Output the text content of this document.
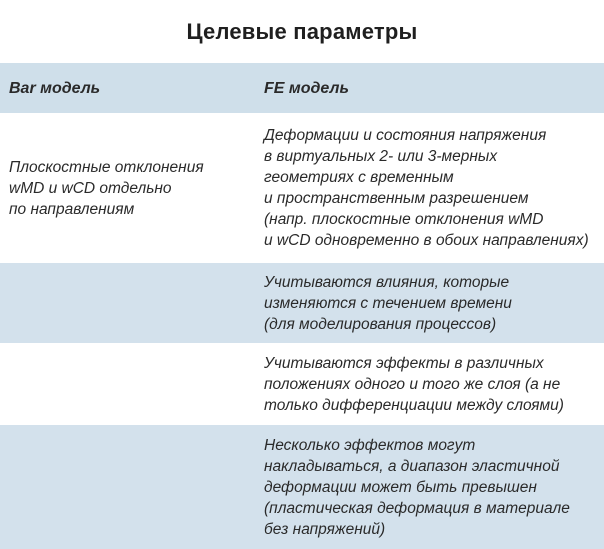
Целевые параметры
Bar модель	FE модель
Плоскостные отклонения
wMD и wCD отдельно
по направлениям
Деформации и состояния напряжения
в виртуальных 2- или 3-мерных
геометриях с временным
и пространственным разрешением
(напр. плоскостные отклонения wMD
и wCD одновременно в обоих направлениях)
Учитываются влияния, которые
изменяются с течением времени
(для моделирования процессов)
Учитываются эффекты в различных
положениях одного и того же слоя (а не
только дифференциации между слоями)
Несколько эффектов могут
накладываться, а диапазон эластичной
деформации может быть превышен
(пластическая деформация в материале
без напряжений)
